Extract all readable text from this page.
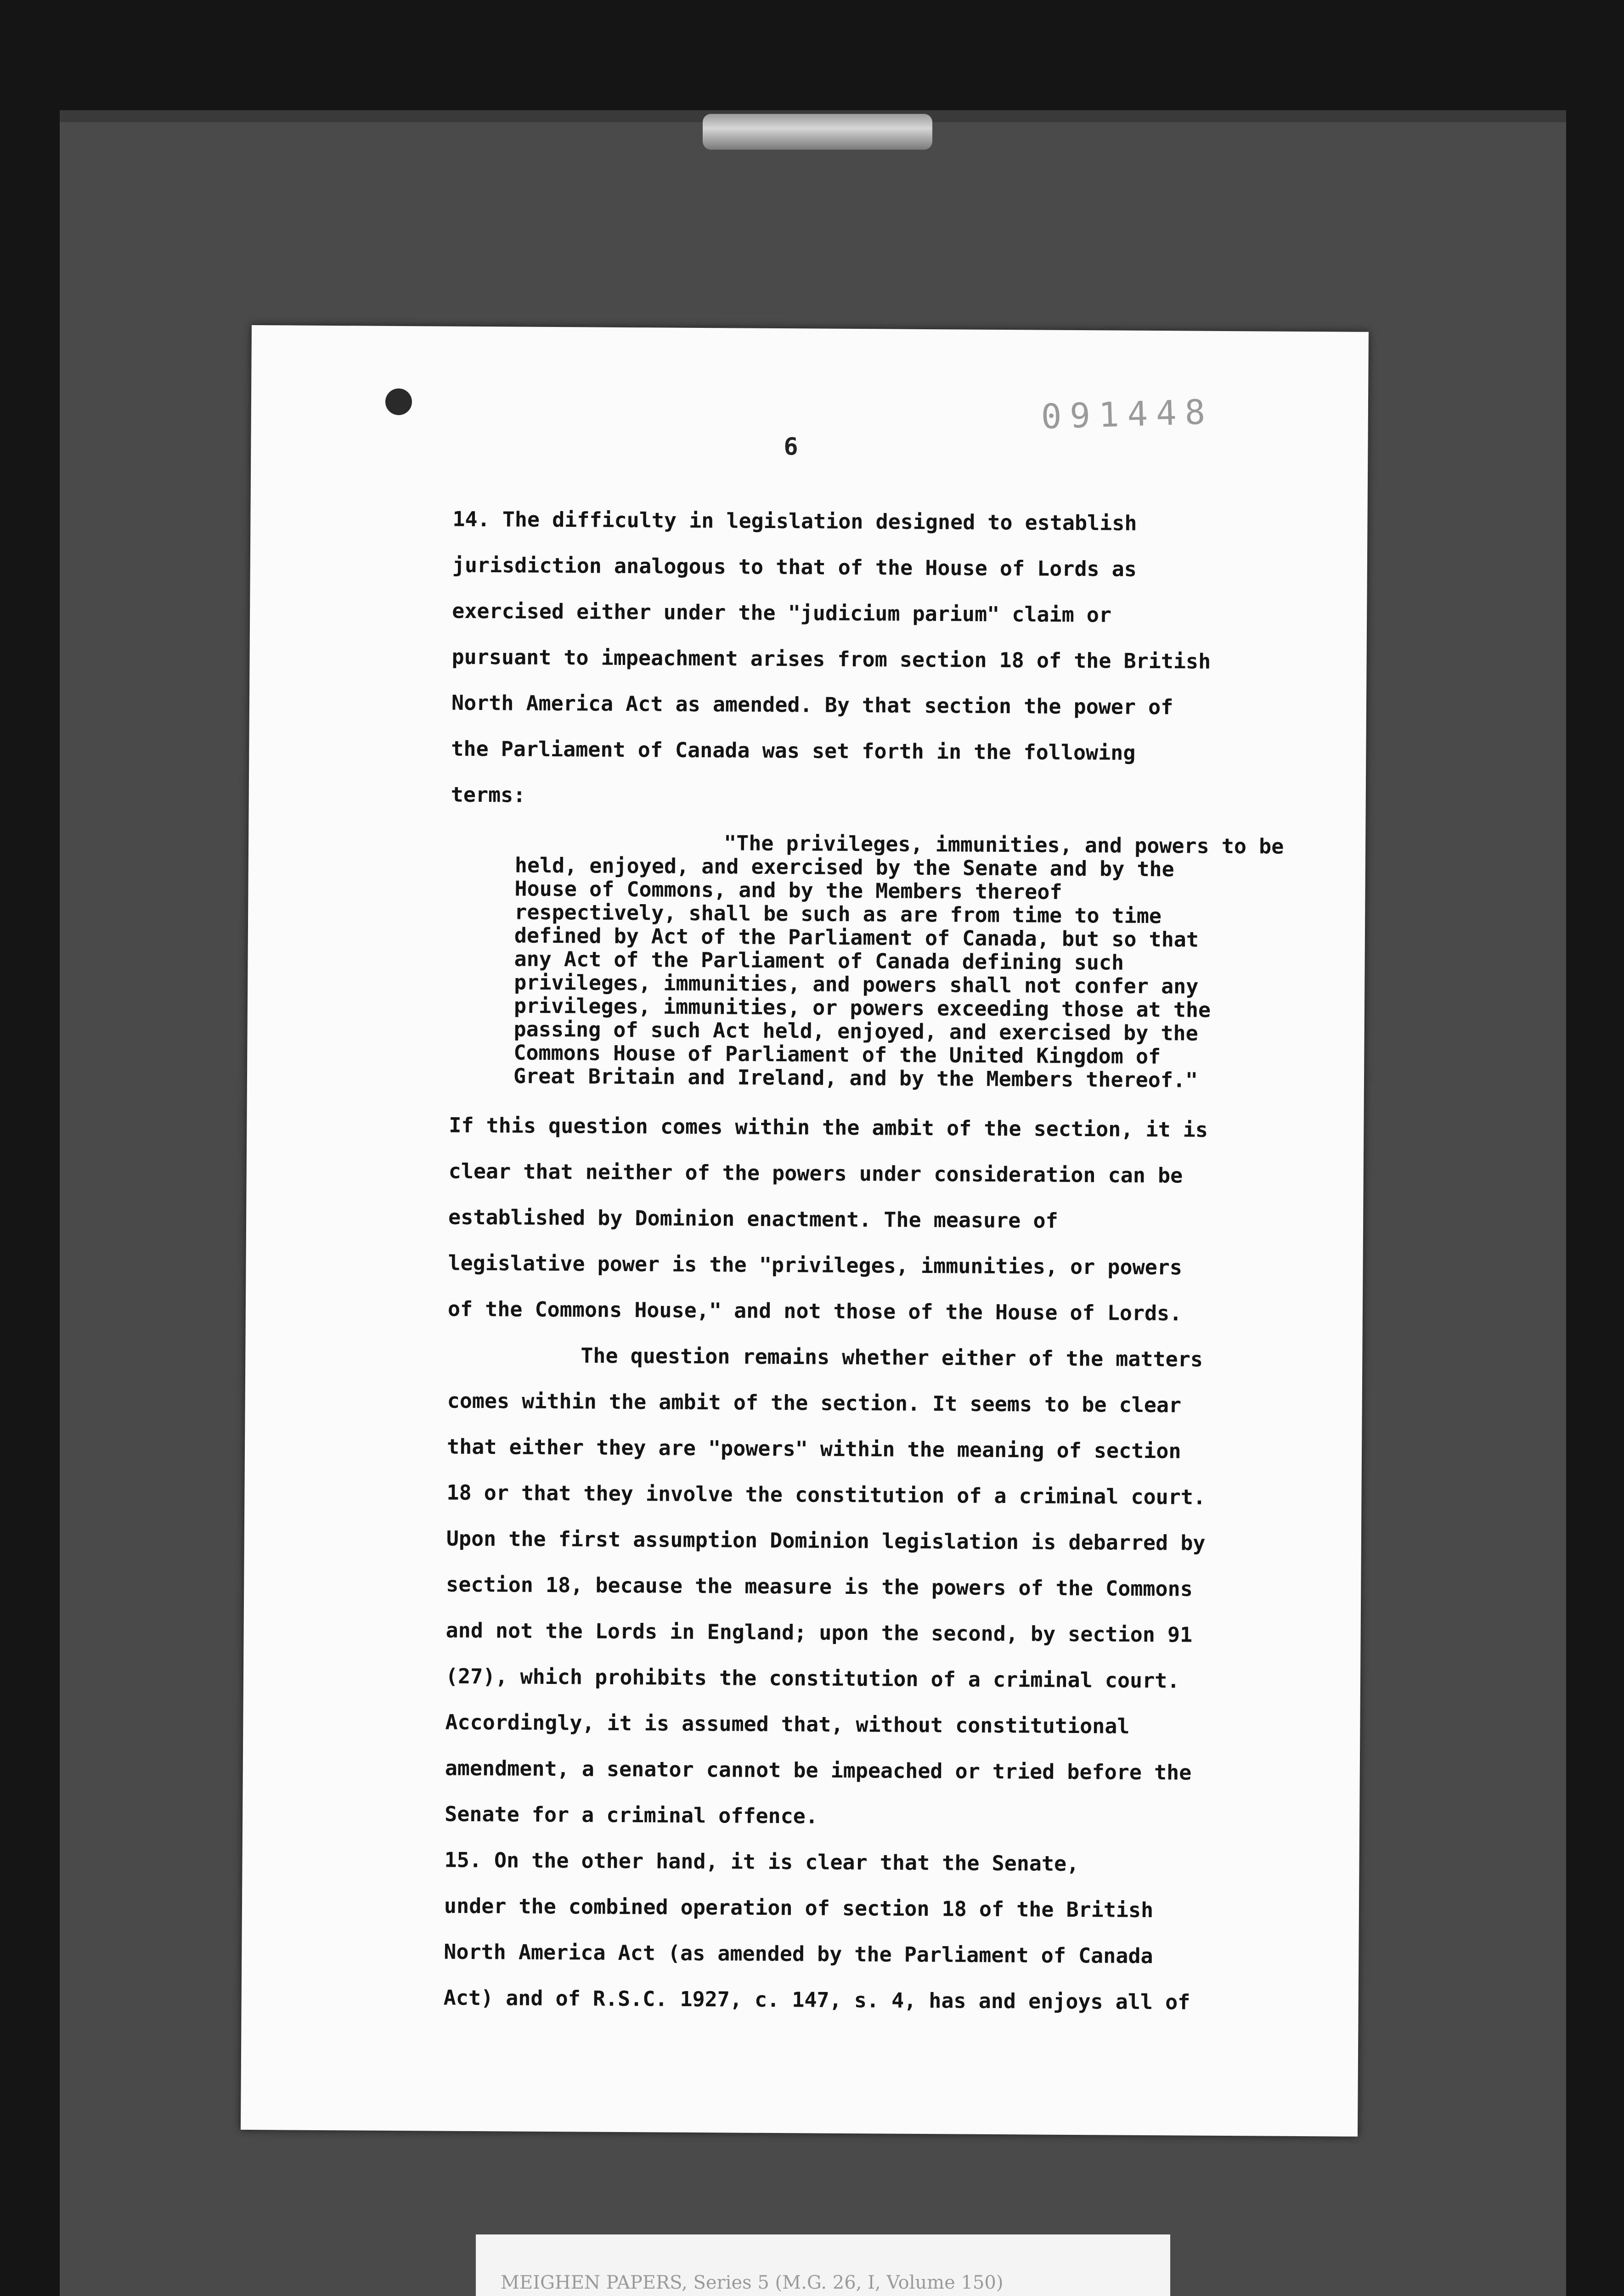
091448
6
14. The difficulty in legislation designed to establish
jurisdiction analogous to that of the House of Lords as
exercised either under the "judicium parium" claim or
pursuant to impeachment arises from section 18 of the British
North America Act as amended. By that section the power of
the Parliament of Canada was set forth in the following
terms:
"The privileges, immunities, and powers to be
held, enjoyed, and exercised by the Senate and by the
House of Commons, and by the Members thereof
respectively, shall be such as are from time to time
defined by Act of the Parliament of Canada, but so that
any Act of the Parliament of Canada defining such
privileges, immunities, and powers shall not confer any
privileges, immunities, or powers exceeding those at the
passing of such Act held, enjoyed, and exercised by the
Commons House of Parliament of the United Kingdom of
Great Britain and Ireland, and by the Members thereof."
If this question comes within the ambit of the section, it is
clear that neither of the powers under consideration can be
established by Dominion enactment. The measure of
legislative power is the "privileges, immunities, or powers
of the Commons House," and not those of the House of Lords.
The question remains whether either of the matters
comes within the ambit of the section. It seems to be clear
that either they are "powers" within the meaning of section
18 or that they involve the constitution of a criminal court.
Upon the first assumption Dominion legislation is debarred by
section 18, because the measure is the powers of the Commons
and not the Lords in England; upon the second, by section 91
(27), which prohibits the constitution of a criminal court.
Accordingly, it is assumed that, without constitutional
amendment, a senator cannot be impeached or tried before the
Senate for a criminal offence.
15. On the other hand, it is clear that the Senate,
under the combined operation of section 18 of the British
North America Act (as amended by the Parliament of Canada
Act) and of R.S.C. 1927, c. 147, s. 4, has and enjoys all of
MEIGHEN PAPERS, Series 5 (M.G. 26, I, Volume 150)
